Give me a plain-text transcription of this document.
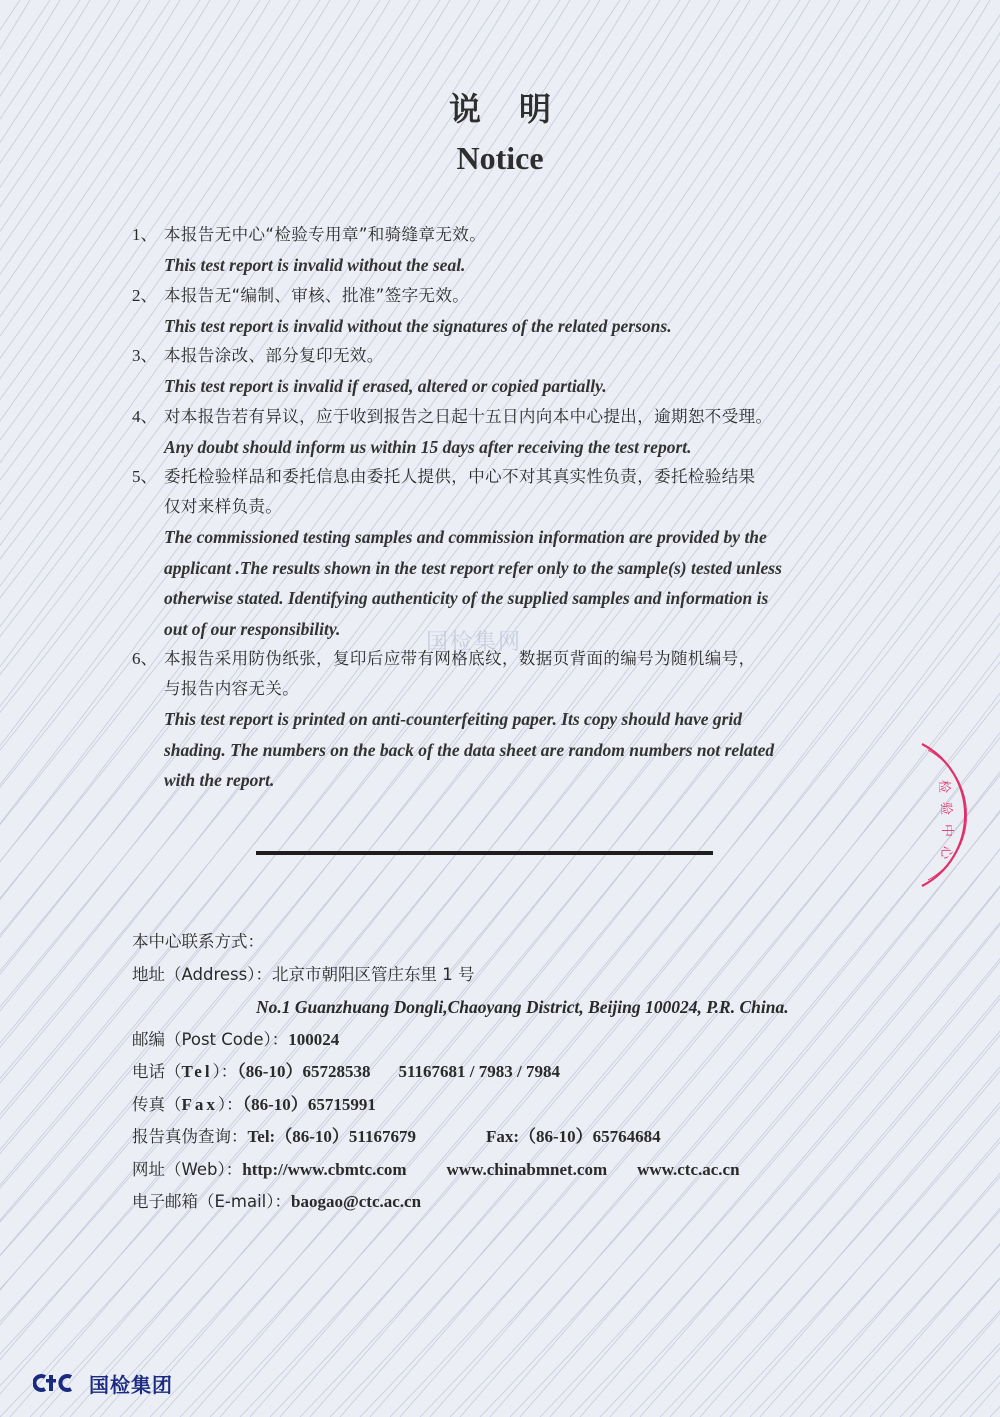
说明
Notice
1、 本报告无中心“检验专用章”和骑缝章无效。
This test report is invalid without the seal.
2、 本报告无“编制、审核、批准”签字无效。
This test report is invalid without the signatures of the related persons.
3、 本报告涂改、部分复印无效。
This test report is invalid if erased, altered or copied partially.
4、 对本报告若有异议，应于收到报告之日起十五日内向本中心提出，逾期恕不受理。
Any doubt should inform us within 15 days after receiving the test report.
5、 委托检验样品和委托信息由委托人提供，中心不对其真实性负责，委托检验结果
仅对来样负责。
The commissioned testing samples and commission information are provided by the
applicant .The results shown in the test report refer only to the sample(s) tested unless
otherwise stated. Identifying authenticity of the supplied samples and information is
out of our responsibility.
6、 本报告采用防伪纸张，复印后应带有网格底纹，数据页背面的编号为随机编号，
与报告内容无关。
This test report is printed on anti-counterfeiting paper. Its copy should have grid
shading. The numbers on the back of the data sheet are random numbers not related
with the report.
国检集网
检
验
中
心
本中心联系方式：
地址（Address）：北京市朝阳区管庄东里 1 号
No.1 Guanzhuang Dongli,Chaoyang District, Beijing 100024, P.R. China.
邮编（Post Code）：100024
电话（Tel）：（86-10）65728538 51167681 / 7983 / 7984
传真（Fax）：（86-10）65715991
报告真伪查询：Tel:（86-10）51167679	Fax:（86-10）65764684
网址（Web）：http://www.cbmtc.com www.chinabmnet.com www.ctc.ac.cn
电子邮箱（E-mail）：baogao@ctc.ac.cn
国检集团
